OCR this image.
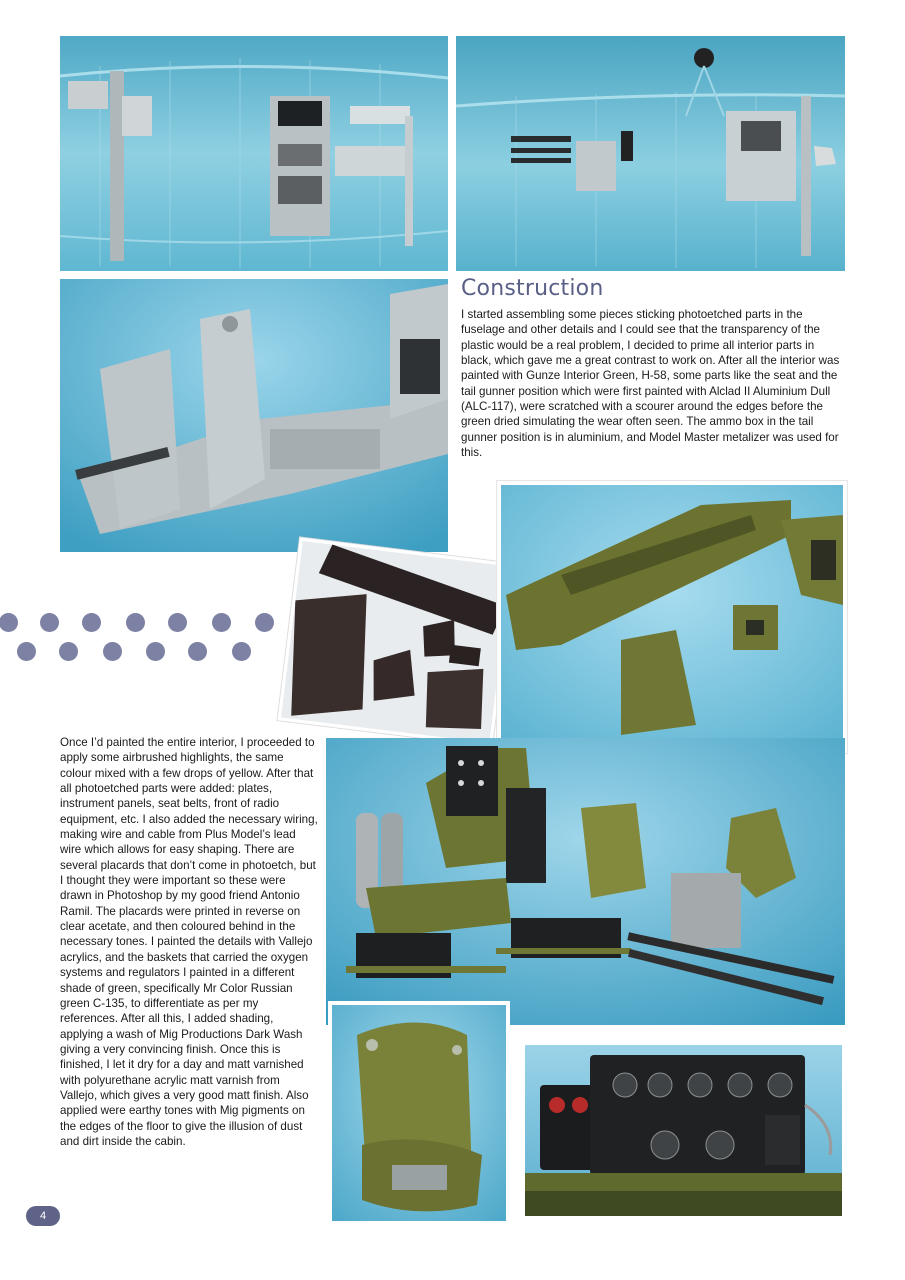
Construction

I started assembling some pieces sticking photoetched parts in the fuselage and other details and I could see that the transparency of the plastic would be a real problem, I decided to prime all interior parts in black, which gave me a great contrast to work on. After all the interior was painted with Gunze Interior Green, H-58, some parts like the seat and the tail gunner position which were first painted with Alclad II Aluminium Dull (ALC-117), were scratched with a scourer around the edges before the green dried simulating the wear often seen. The ammo box in the tail gunner position is in aluminium, and Model Master metalizer was used for this.

Once I’d painted the entire interior, I proceeded to apply some airbrushed highlights, the same colour mixed with a few drops of yellow. After that all photoetched parts were added: plates, instrument panels, seat belts, front of radio equipment, etc. I also added the necessary wiring, making wire and cable from Plus Model’s lead wire which allows for easy shaping. There are several placards that don’t come in photoetch, but I thought they were important so these were drawn in Photoshop by my good friend Antonio Ramil. The placards were printed in reverse on clear acetate, and then coloured behind in the necessary tones. I painted the details with Vallejo acrylics, and the baskets that carried the oxygen systems and regulators I painted in a different shade of green, specifically Mr Color Russian green C-135, to differentiate as per my references. After all this, I added shading, applying a wash of Mig Productions Dark Wash giving a very convincing finish. Once this is finished, I let it dry for a day and matt varnished with polyurethane acrylic matt varnish from Vallejo, which gives a very good matt finish. Also applied were earthy tones with Mig pigments on the edges of the floor to give the illusion of dust and dirt inside the cabin.

4
